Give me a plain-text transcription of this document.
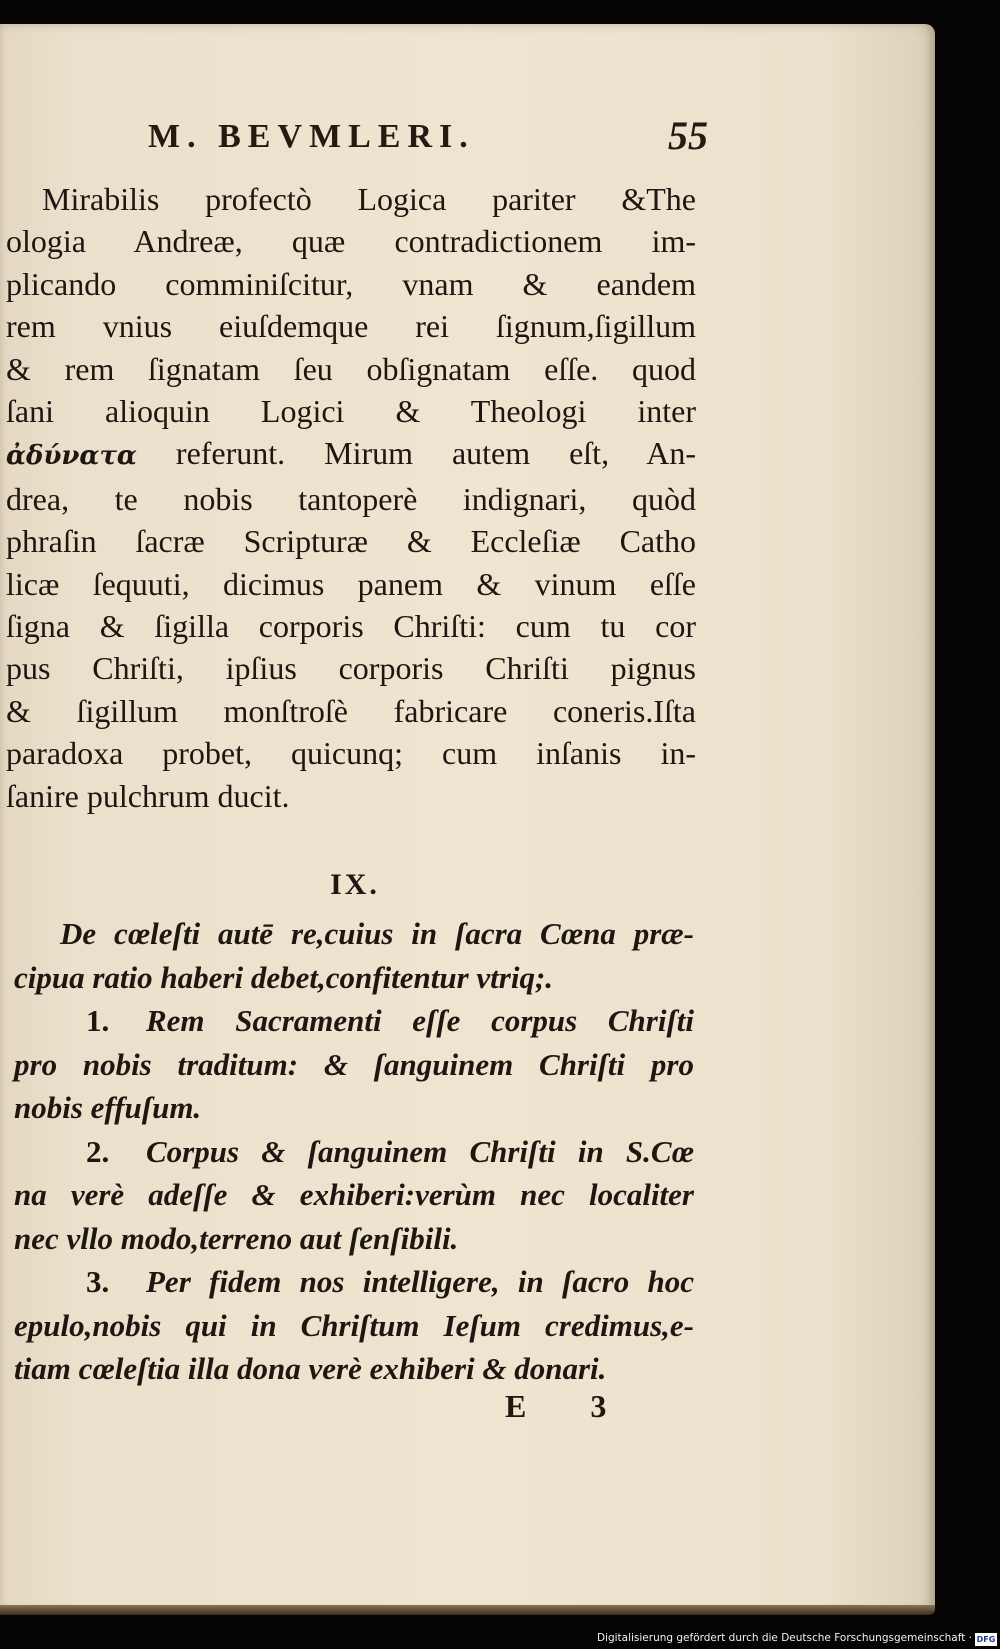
M. BEVMLERI.	55
Mirabilis profectò Logica pariter &The
ologia Andreæ, quæ contradictionem im-
plicando comminiſcitur, vnam & eandem
rem vnius eiuſdemque rei ſignum,ſigillum
& rem ſignatam ſeu obſignatam eſſe. quod
ſani alioquin Logici & Theologi inter
ἀδύνατα referunt. Mirum autem eſt, An-
drea, te nobis tantoperè indignari, quòd
phraſin ſacræ Scripturæ & Eccleſiæ Catho
licæ ſequuti, dicimus panem & vinum eſſe
ſigna & ſigilla corporis Chriſti: cum tu cor
pus Chriſti, ipſius corporis Chriſti pignus
& ſigillum monſtroſè fabricare coneris.Iſta
paradoxa probet, quicunq; cum inſanis in-
ſanire pulchrum ducit.
IX.
De cœleſti autē re,cuius in ſacra Cœna præ-
cipua ratio haberi debet,confitentur vtriq;.
1. Rem Sacramenti eſſe corpus Chriſti
pro nobis traditum: & ſanguinem Chriſti pro
nobis effuſum.
2. Corpus & ſanguinem Chriſti in S.Cœ
na verè adeſſe & exhiberi:verùm nec localiter
nec vllo modo,terreno aut ſenſibili.
3. Per fidem nos intelligere, in ſacro hoc
epulo,nobis qui in Chriſtum Ieſum credimus,e-
tiam cœleſtia illa dona verè exhiberi & donari.
E 3
Digitalisierung gefördert durch die Deutsche Forschungsgemeinschaft · DFG
